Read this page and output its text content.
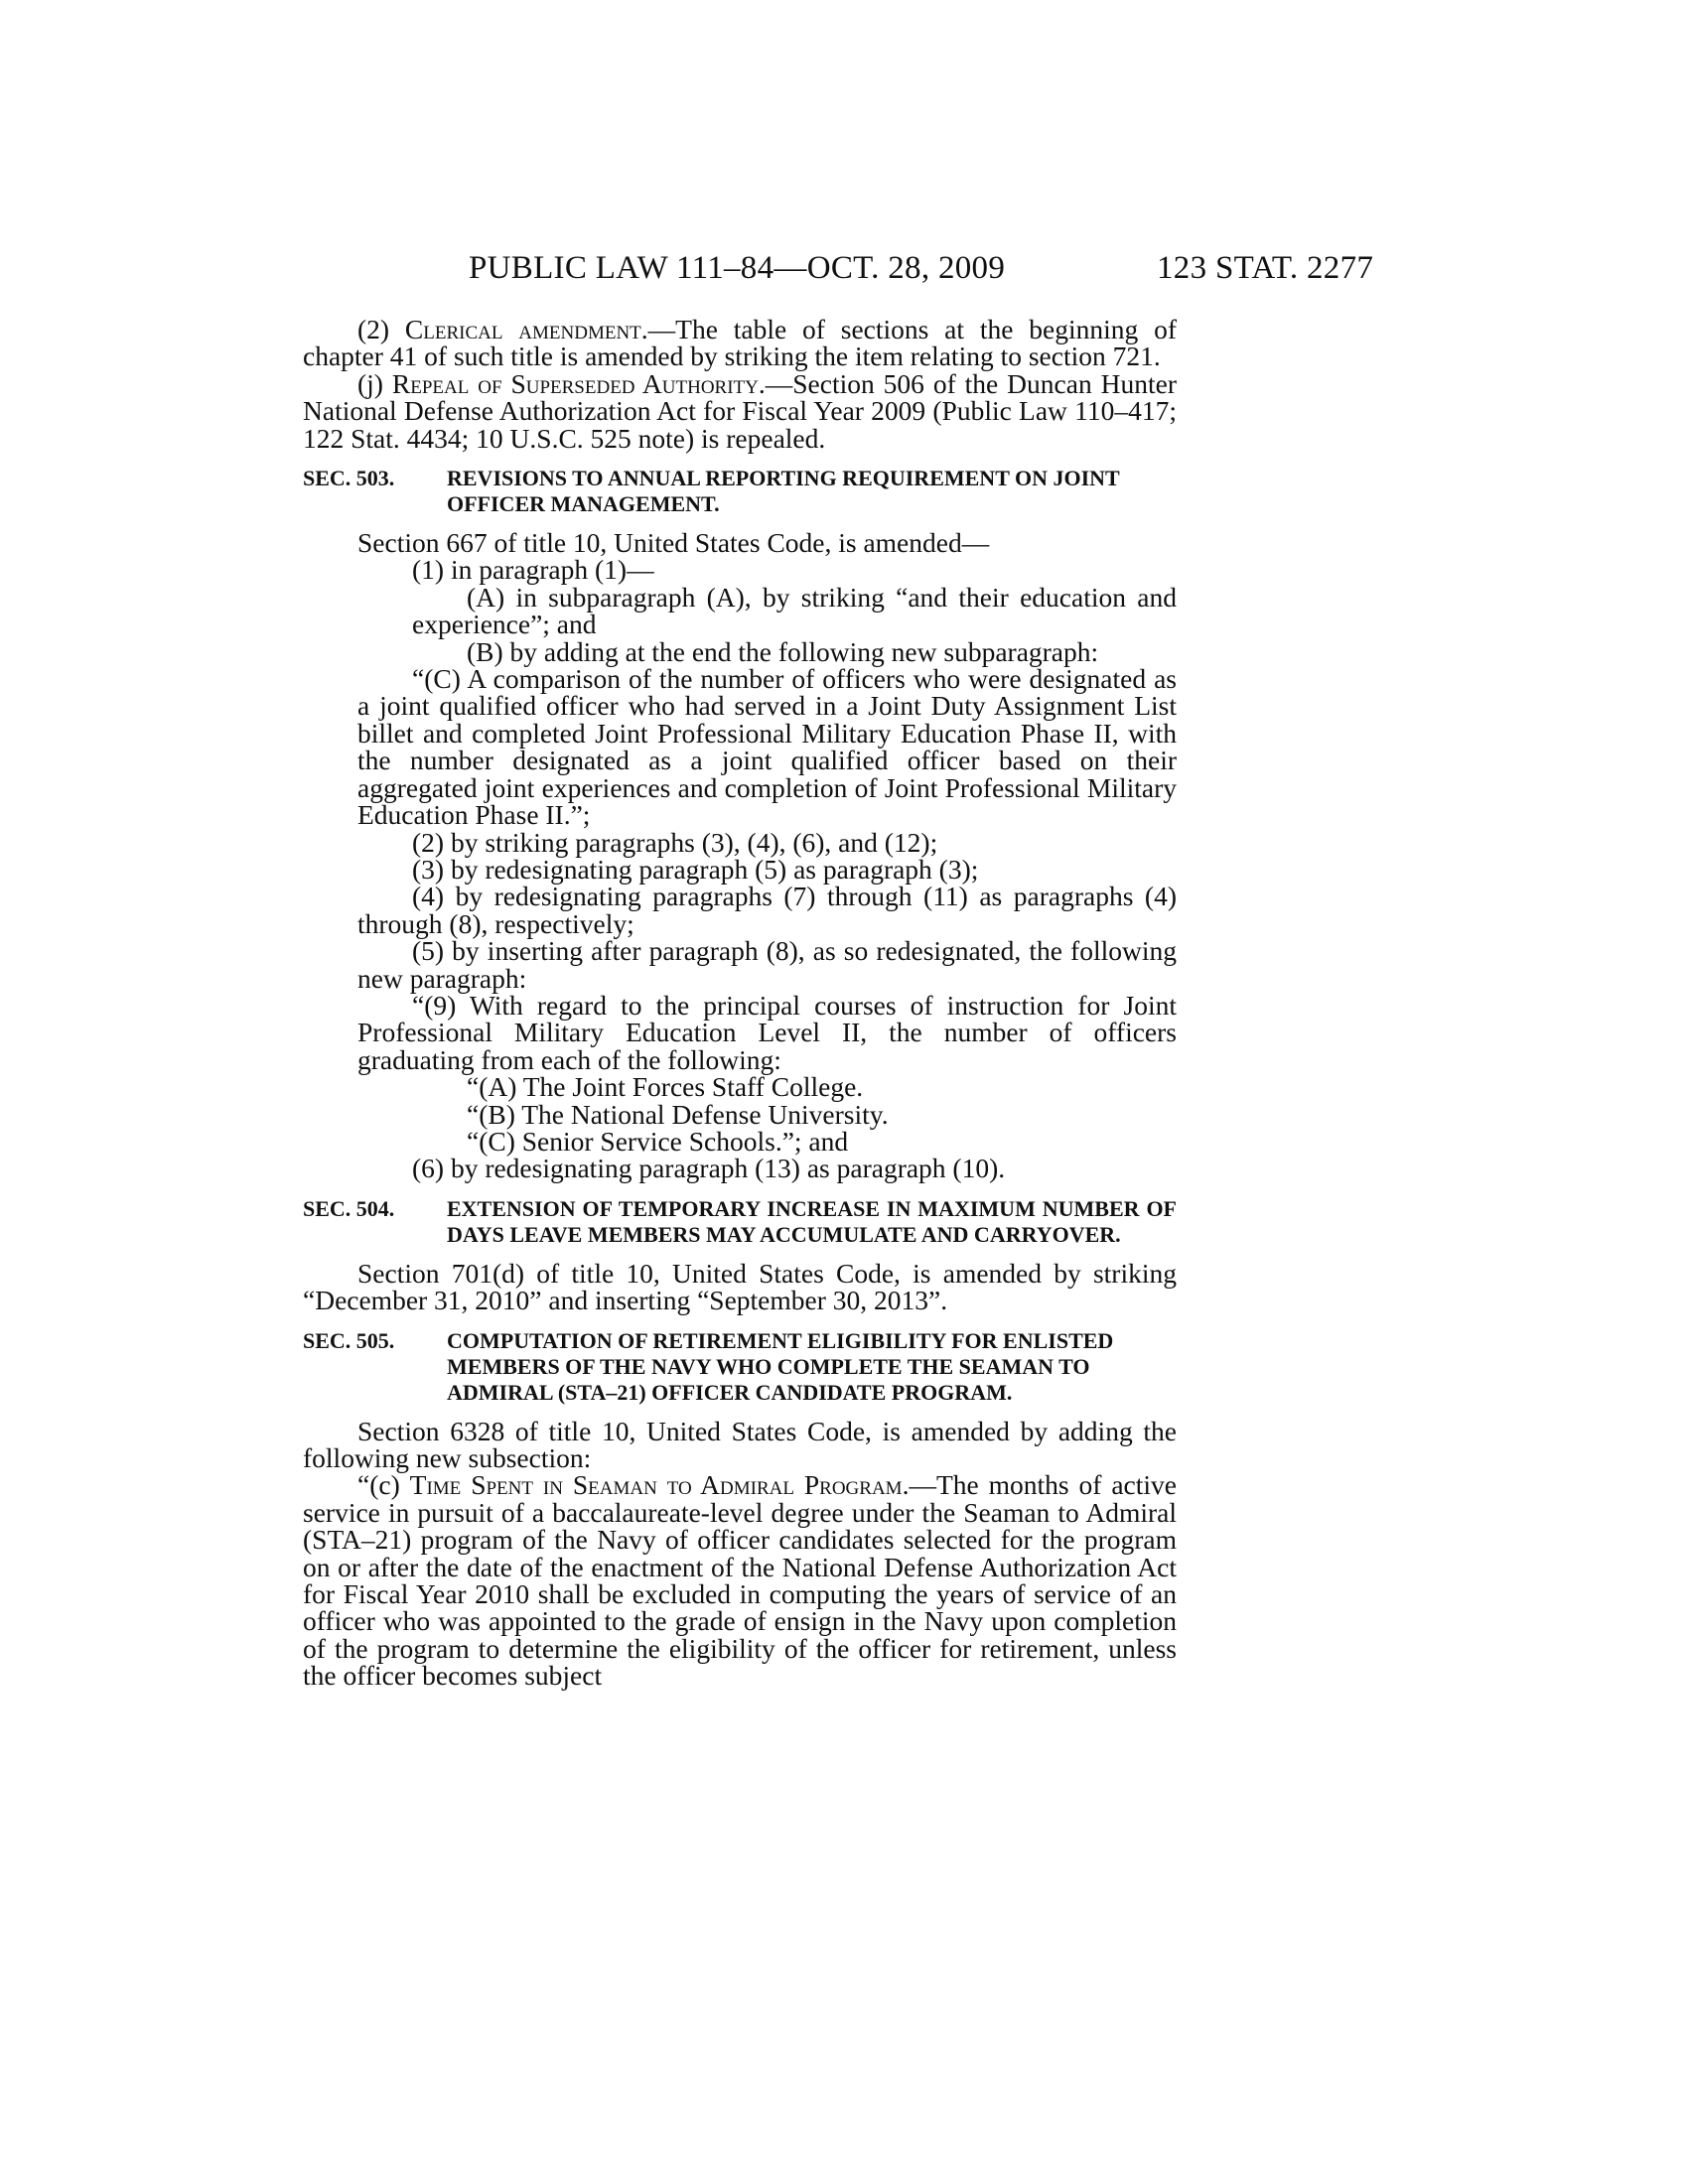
PUBLIC LAW 111–84—OCT. 28, 2009	123 STAT. 2277

(2) Clerical amendment.—The table of sections at the beginning of chapter 41 of such title is amended by striking the item relating to section 721.

(j) Repeal of Superseded Authority.—Section 506 of the Duncan Hunter National Defense Authorization Act for Fiscal Year 2009 (Public Law 110–417; 122 Stat. 4434; 10 U.S.C. 525 note) is repealed.

SEC. 503. REVISIONS TO ANNUAL REPORTING REQUIREMENT ON JOINT OFFICER MANAGEMENT.

Section 667 of title 10, United States Code, is amended—

(1) in paragraph (1)—

(A) in subparagraph (A), by striking “and their education and experience”; and

(B) by adding at the end the following new subparagraph:

“(C) A comparison of the number of officers who were designated as a joint qualified officer who had served in a Joint Duty Assignment List billet and completed Joint Professional Military Education Phase II, with the number designated as a joint qualified officer based on their aggregated joint experiences and completion of Joint Professional Military Education Phase II.”;

(2) by striking paragraphs (3), (4), (6), and (12);

(3) by redesignating paragraph (5) as paragraph (3);

(4) by redesignating paragraphs (7) through (11) as paragraphs (4) through (8), respectively;

(5) by inserting after paragraph (8), as so redesignated, the following new paragraph:

“(9) With regard to the principal courses of instruction for Joint Professional Military Education Level II, the number of officers graduating from each of the following:

“(A) The Joint Forces Staff College.

“(B) The National Defense University.

“(C) Senior Service Schools.”; and

(6) by redesignating paragraph (13) as paragraph (10).

SEC. 504. EXTENSION OF TEMPORARY INCREASE IN MAXIMUM NUMBER OF DAYS LEAVE MEMBERS MAY ACCUMULATE AND CARRYOVER.

Section 701(d) of title 10, United States Code, is amended by striking “December 31, 2010” and inserting “September 30, 2013”.

SEC. 505. COMPUTATION OF RETIREMENT ELIGIBILITY FOR ENLISTED MEMBERS OF THE NAVY WHO COMPLETE THE SEAMAN TO ADMIRAL (STA–21) OFFICER CANDIDATE PROGRAM.

Section 6328 of title 10, United States Code, is amended by adding the following new subsection:

“(c) Time Spent in Seaman to Admiral Program.—The months of active service in pursuit of a baccalaureate-level degree under the Seaman to Admiral (STA–21) program of the Navy of officer candidates selected for the program on or after the date of the enactment of the National Defense Authorization Act for Fiscal Year 2010 shall be excluded in computing the years of service of an officer who was appointed to the grade of ensign in the Navy upon completion of the program to determine the eligibility of the officer for retirement, unless the officer becomes subject
